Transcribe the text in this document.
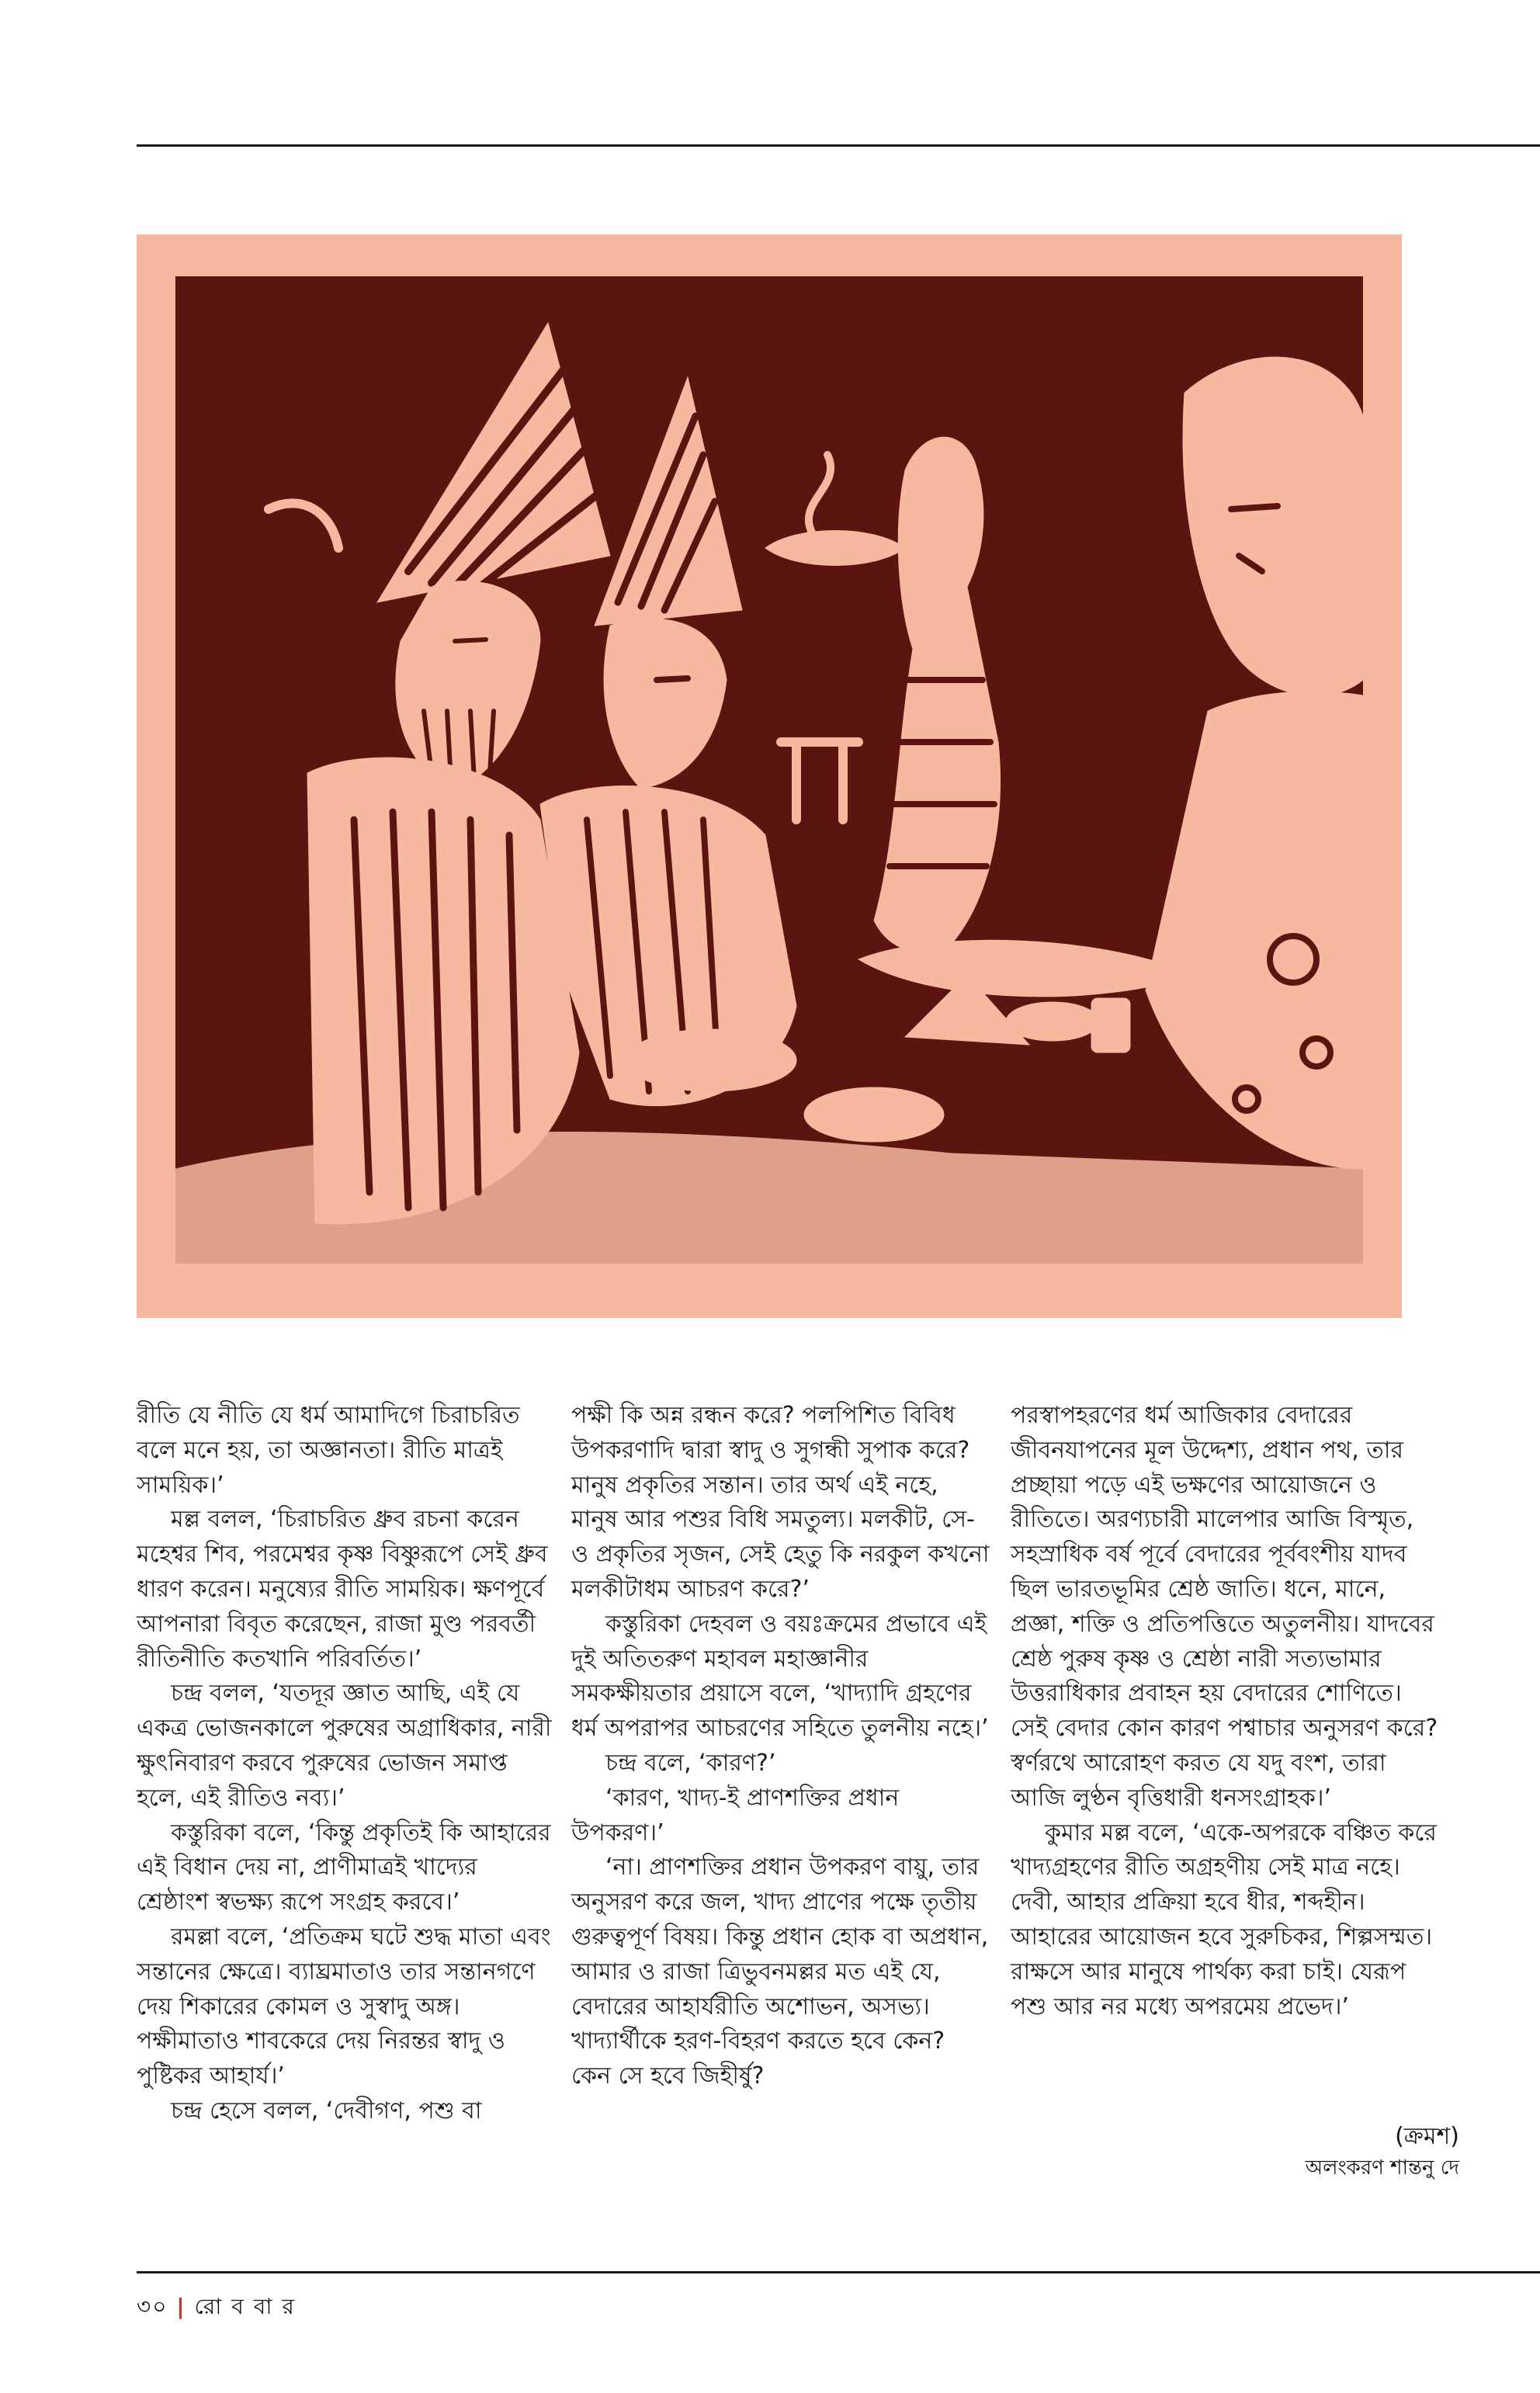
রীতি যে নীতি যে ধর্ম আমাদিগে চিরাচরিত বলে মনে হয়, তা অজ্ঞানতা। রীতি মাত্রই সাময়িক।’

মল্ল বলল, ‘চিরাচরিত ধ্রুব রচনা করেন মহেশ্বর শিব, পরমেশ্বর কৃষ্ণ বিষ্ণুরূপে সেই ধ্রুব ধারণ করেন। মনুষ্যের রীতি সাময়িক। ক্ষণপূর্বে আপনারা বিবৃত করেছেন, রাজা মুণ্ড পরবর্তী রীতিনীতি কতখানি পরিবর্তিত।’

চন্দ্র বলল, ‘যতদূর জ্ঞাত আছি, এই যে একত্র ভোজনকালে পুরুষের অগ্রাধিকার, নারী ক্ষুৎনিবারণ করবে পুরুষের ভোজন সমাপ্ত হলে, এই রীতিও নব্য।’

কস্তুরিকা বলে, ‘কিন্তু প্রকৃতিই কি আহারের এই বিধান দেয় না, প্রাণীমাত্রই খাদ্যের শ্রেষ্ঠাংশ স্বভক্ষ্য রূপে সংগ্রহ করবে।’

রমল্লা বলে, ‘প্রতিক্রম ঘটে শুদ্ধ মাতা এবং সন্তানের ক্ষেত্রে। ব্যাঘ্রমাতাও তার সন্তানগণে দেয় শিকারের কোমল ও সুস্বাদু অঙ্গ। পক্ষীমাতাও শাবকেরে দেয় নিরন্তর স্বাদু ও পুষ্টিকর আহার্য।’

চন্দ্র হেসে বলল, ‘দেবীগণ, পশু বা

পক্ষী কি অন্ন রন্ধন করে? পলপিশিত বিবিধ উপকরণাদি দ্বারা স্বাদু ও সুগন্ধী সুপাক করে? মানুষ প্রকৃতির সন্তান। তার অর্থ এই নহে, মানুষ আর পশুর বিধি সমতুল্য। মলকীট, সে-ও প্রকৃতির সৃজন, সেই হেতু কি নরকুল কখনো মলকীটাধম আচরণ করে?’

কস্তুরিকা দেহবল ও বয়ঃক্রমের প্রভাবে এই দুই অতিতরুণ মহাবল মহাজ্ঞানীর সমকক্ষীয়তার প্রয়াসে বলে, ‘খাদ্যাদি গ্রহণের ধর্ম অপরাপর আচরণের সহিতে তুলনীয় নহে।’

চন্দ্র বলে, ‘কারণ?’

‘কারণ, খাদ্য-ই প্রাণশক্তির প্রধান উপকরণ।’

‘না। প্রাণশক্তির প্রধান উপকরণ বায়ু, তার অনুসরণ করে জল, খাদ্য প্রাণের পক্ষে তৃতীয় গুরুত্বপূর্ণ বিষয়। কিন্তু প্রধান হোক বা অপ্রধান, আমার ও রাজা ত্রিভুবনমল্লর মত এই যে, বেদারের আহার্যরীতি অশোভন, অসভ্য। খাদ্যার্থীকে হরণ-বিহরণ করতে হবে কেন? কেন সে হবে জিহীর্ষু?

পরস্বাপহরণের ধর্ম আজিকার বেদারের জীবনযাপনের মূল উদ্দেশ্য, প্রধান পথ, তার প্রচ্ছায়া পড়ে এই ভক্ষণের আয়োজনে ও রীতিতে। অরণ্যচারী মালেপার আজি বিস্মৃত, সহস্রাধিক বর্ষ পূর্বে বেদারের পূর্ববংশীয় যাদব ছিল ভারতভূমির শ্রেষ্ঠ জাতি। ধনে, মানে, প্রজ্ঞা, শক্তি ও প্রতিপত্তিতে অতুলনীয়। যাদবের শ্রেষ্ঠ পুরুষ কৃষ্ণ ও শ্রেষ্ঠা নারী সত্যভামার উত্তরাধিকার প্রবাহন হয় বেদারের শোণিতে। সেই বেদার কোন কারণ পশ্বাচার অনুসরণ করে? স্বর্ণরথে আরোহণ করত যে যদু বংশ, তারা আজি লুণ্ঠন বৃত্তিধারী ধনসংগ্রাহক।’

কুমার মল্ল বলে, ‘একে-অপরকে বঞ্চিত করে খাদ্যগ্রহণের রীতি অগ্রহণীয় সেই মাত্র নহে। দেবী, আহার প্রক্রিয়া হবে ধীর, শব্দহীন। আহারের আয়োজন হবে সুরুচিকর, শিল্পসম্মত। রাক্ষসে আর মানুষে পার্থক্য করা চাই। যেরূপ পশু আর নর মধ্যে অপরমেয় প্রভেদ।’

(ক্রমশ)
অলংকরণ শান্তনু দে
৩০ | রো ব বা র
